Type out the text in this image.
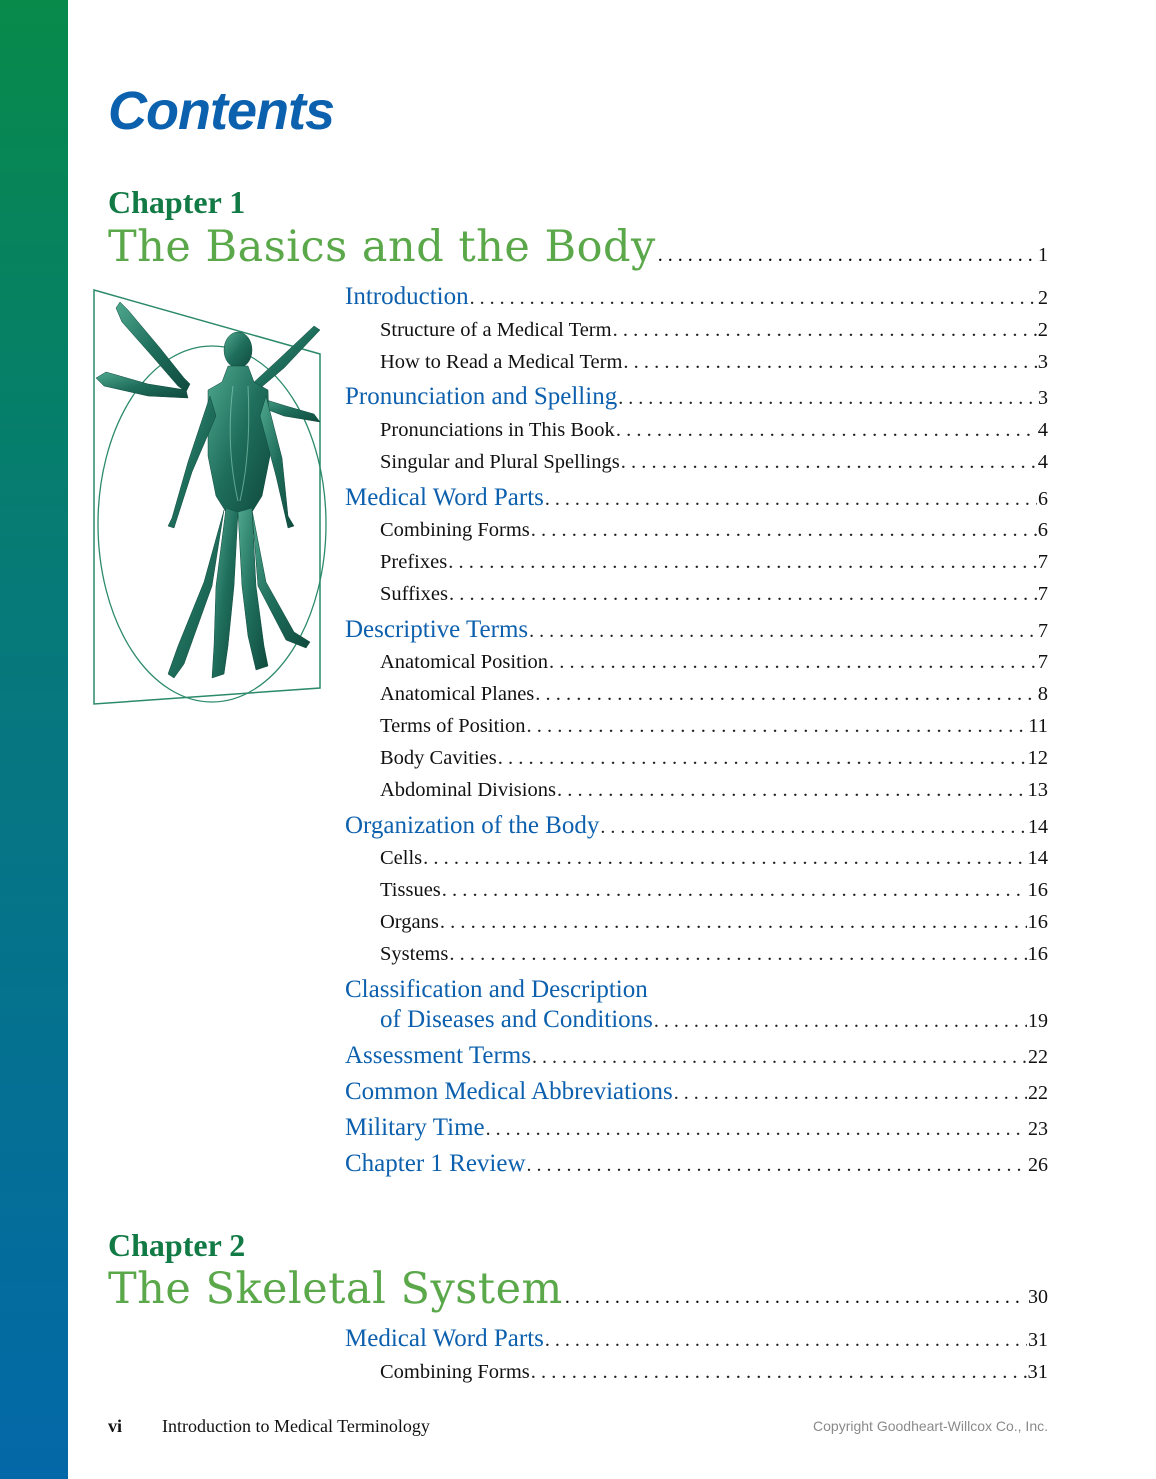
Contents
Chapter 1
The Basics and the Body . . .	1
Introduction . . .	2
Structure of a Medical Term . . .	2
How to Read a Medical Term . . .	3
Pronunciation and Spelling . . .	3
Pronunciations in This Book . . .	4
Singular and Plural Spellings . . .	4
Medical Word Parts . . .	6
Combining Forms . . .	6
Prefixes . . .	7
Suffixes . . .	7
Descriptive Terms . . .	7
Anatomical Position . . .	7
Anatomical Planes . . .	8
Terms of Position . . .	11
Body Cavities . . .	12
Abdominal Divisions . . .	13
Organization of the Body . . .	14
Cells . . .	14
Tissues . . .	16
Organs . . .	16
Systems . . .	16
Classification and Description
of Diseases and Conditions . . .	19
Assessment Terms . . .	22
Common Medical Abbreviations . . .	22
Military Time . . .	23
Chapter 1 Review . . .	26
Chapter 2
The Skeletal System . . .	30
Medical Word Parts . . .	31
Combining Forms . . .	31
vi Introduction to Medical Terminology	Copyright Goodheart-Willcox Co., Inc.
